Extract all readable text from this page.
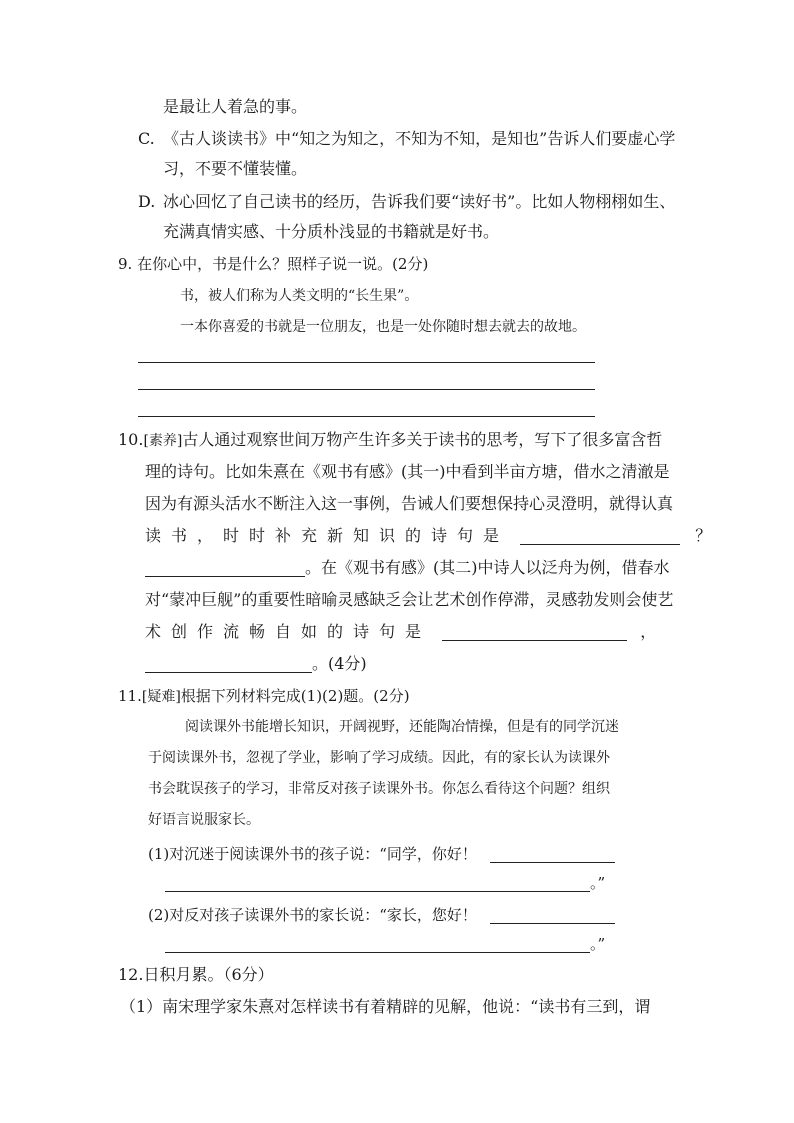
是最让人着急的事。
C. 《古人谈读书》中“知之为知之，不知为不知，是知也”告诉人们要虚心学
习，不要不懂装懂。
D. 冰心回忆了自己读书的经历，告诉我们要“读好书”。比如人物栩栩如生、
充满真情实感、十分质朴浅显的书籍就是好书。
9. 在你心中，书是什么？照样子说一说。(2分)
书，被人们称为人类文明的“长生果”。
一本你喜爱的书就是一位朋友，也是一处你随时想去就去的故地。
10.[素养]古人通过观察世间万物产生许多关于读书的思考，写下了很多富含哲
理的诗句。比如朱熹在《观书有感》(其一)中看到半亩方塘，借水之清澈是
因为有源头活水不断注入这一事例，告诫人们要想保持心灵澄明，就得认真
读书，时时补充新知识的诗句是	？
。在《观书有感》(其二)中诗人以泛舟为例，借春水
对“蒙冲巨舰”的重要性暗喻灵感缺乏会让艺术创作停滞，灵感勃发则会使艺
术创作流畅自如的诗句是	，
。(4分)
11.[疑难]根据下列材料完成(1)(2)题。(2分)
阅读课外书能增长知识，开阔视野，还能陶冶情操，但是有的同学沉迷
于阅读课外书，忽视了学业，影响了学习成绩。因此，有的家长认为读课外
书会耽误孩子的学习，非常反对孩子读课外书。你怎么看待这个问题？组织
好语言说服家长。
(1)对沉迷于阅读课外书的孩子说：“同学，你好！
。”
(2)对反对孩子读课外书的家长说：“家长，您好！
。”
12.日积月累。（6分）
（1）南宋理学家朱熹对怎样读书有着精辟的见解，他说：“读书有三到，谓
